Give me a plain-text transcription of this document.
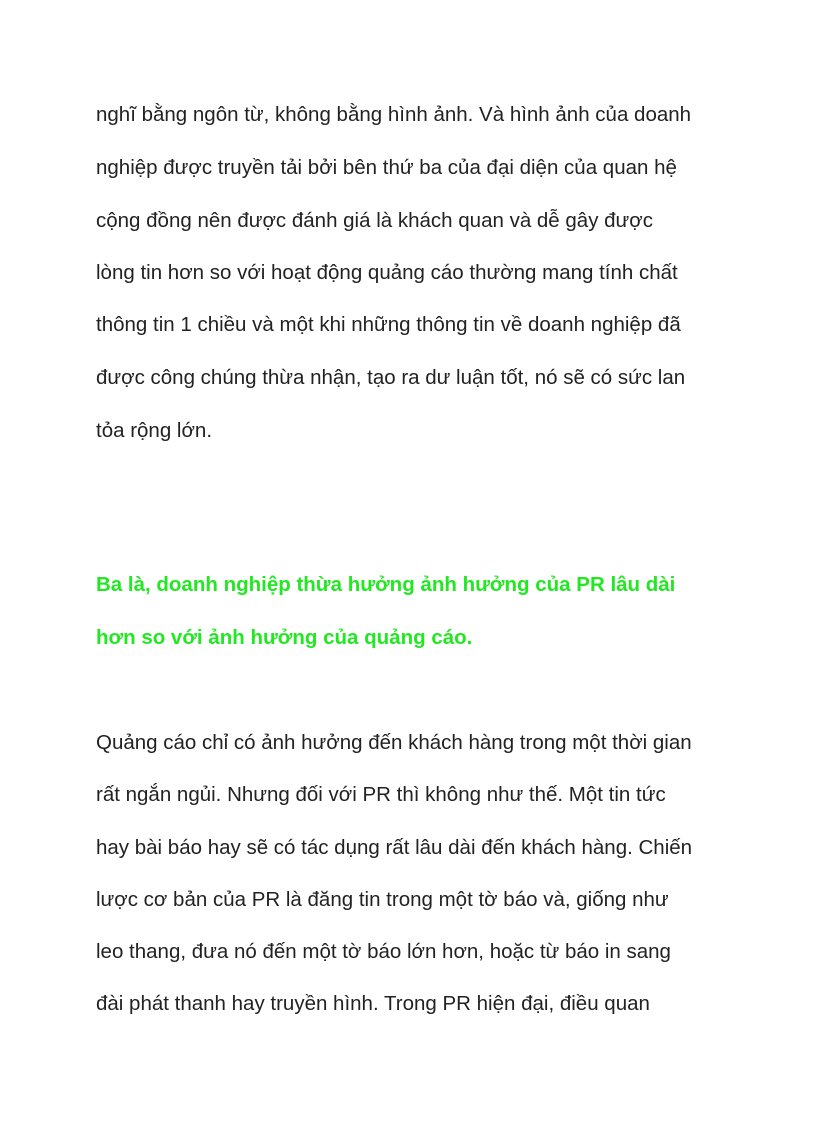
nghĩ bằng ngôn từ, không bằng hình ảnh. Và hình ảnh của doanh
nghiệp được truyền tải bởi bên thứ ba của đại diện của quan hệ
cộng đồng nên được đánh giá là khách quan và dễ gây được
lòng tin hơn so với hoạt động quảng cáo thường mang tính chất
thông tin 1 chiều và một khi những thông tin về doanh nghiệp đã
được công chúng thừa nhận, tạo ra dư luận tốt, nó sẽ có sức lan
tỏa rộng lớn.
Ba là, doanh nghiệp thừa hưởng ảnh hưởng của PR lâu dài
hơn so với ảnh hưởng của quảng cáo.
Quảng cáo chỉ có ảnh hưởng đến khách hàng trong một thời gian
rất ngắn ngủi. Nhưng đối với PR thì không như thế. Một tin tức
hay bài báo hay sẽ có tác dụng rất lâu dài đến khách hàng. Chiến
lược cơ bản của PR là đăng tin trong một tờ báo và, giống như
leo thang, đưa nó đến một tờ báo lớn hơn, hoặc từ báo in sang
đài phát thanh hay truyền hình. Trong PR hiện đại, điều quan
